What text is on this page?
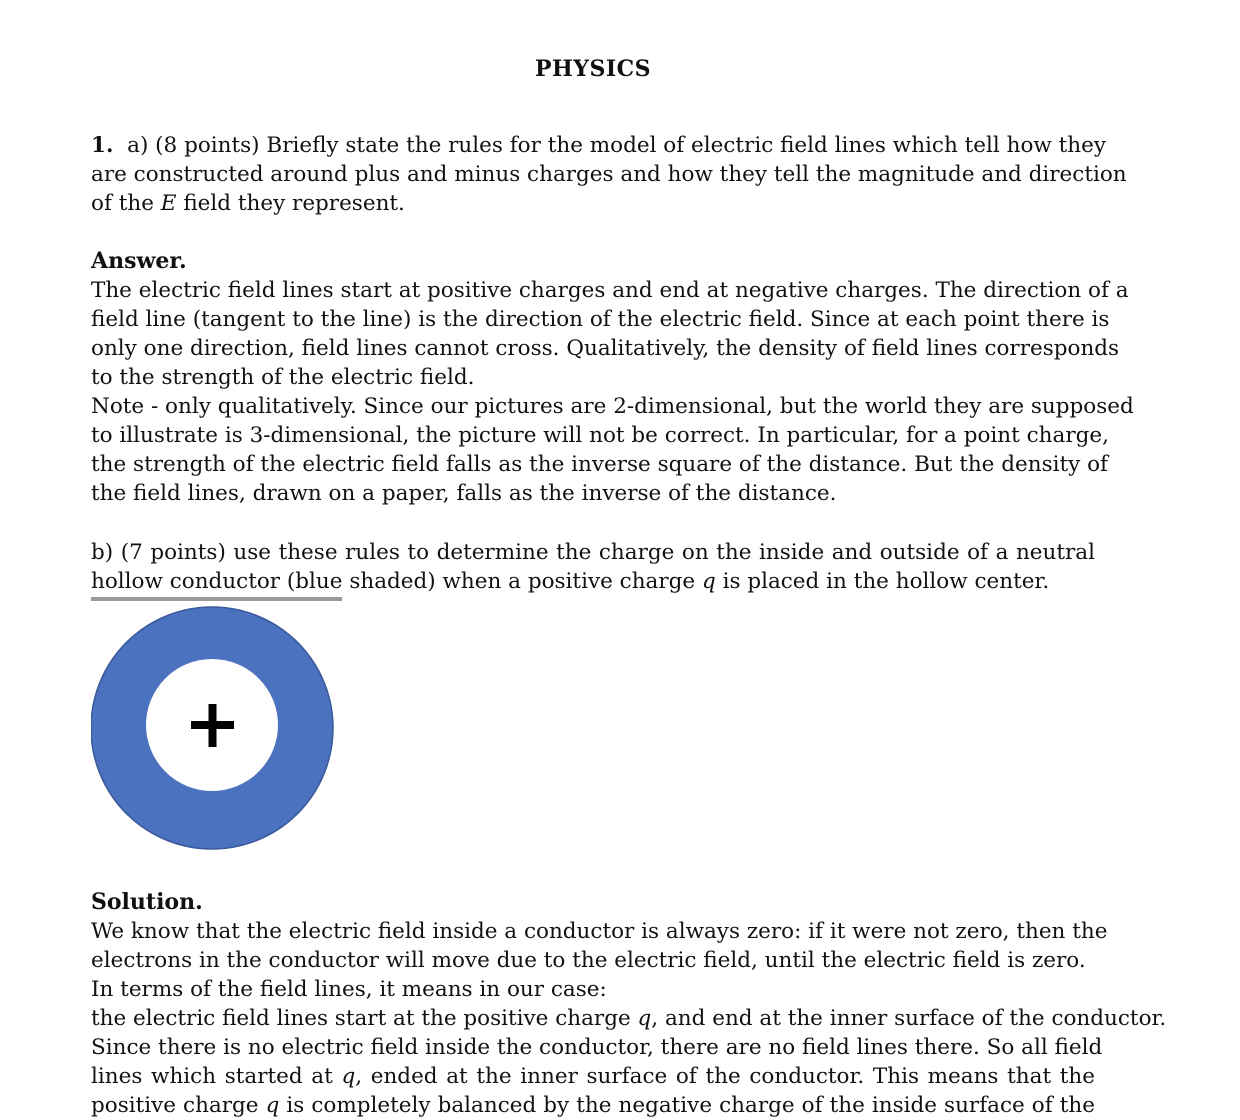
PHYSICS
1. a) (8 points) Briefly state the rules for the model of electric field lines which tell how they
are constructed around plus and minus charges and how they tell the magnitude and direction
of the E field they represent.
Answer.
The electric field lines start at positive charges and end at negative charges. The direction of a
field line (tangent to the line) is the direction of the electric field. Since at each point there is
only one direction, field lines cannot cross. Qualitatively, the density of field lines corresponds
to the strength of the electric field.
Note - only qualitatively. Since our pictures are 2-dimensional, but the world they are supposed
to illustrate is 3-dimensional, the picture will not be correct. In particular, for a point charge,
the strength of the electric field falls as the inverse square of the distance. But the density of
the field lines, drawn on a paper, falls as the inverse of the distance.
b) (7 points) use these rules to determine the charge on the inside and outside of a neutral
hollow conductor (blue shaded) when a positive charge q is placed in the hollow center.
Solution.
We know that the electric field inside a conductor is always zero: if it were not zero, then the
electrons in the conductor will move due to the electric field, until the electric field is zero.
In terms of the field lines, it means in our case:
the electric field lines start at the positive charge q, and end at the inner surface of the conductor.
Since there is no electric field inside the conductor, there are no field lines there. So all field
lines which started at q, ended at the inner surface of the conductor. This means that the
positive charge q is completely balanced by the negative charge of the inside surface of the
